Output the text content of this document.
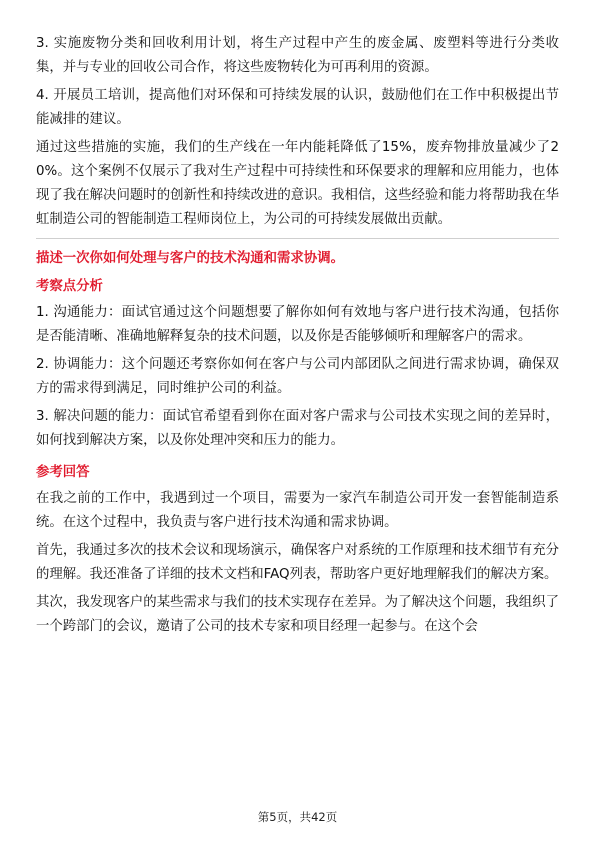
3. 实施废物分类和回收利用计划，将生产过程中产生的废金属、废塑料等进行分类收集，并与专业的回收公司合作，将这些废物转化为可再利用的资源。

4. 开展员工培训，提高他们对环保和可持续发展的认识，鼓励他们在工作中积极提出节能减排的建议。

通过这些措施的实施，我们的生产线在一年内能耗降低了15%，废弃物排放量减少了20%。这个案例不仅展示了我对生产过程中可持续性和环保要求的理解和应用能力，也体现了我在解决问题时的创新性和持续改进的意识。我相信，这些经验和能力将帮助我在华虹制造公司的智能制造工程师岗位上，为公司的可持续发展做出贡献。

描述一次你如何处理与客户的技术沟通和需求协调。

考察点分析

1. 沟通能力：面试官通过这个问题想要了解你如何有效地与客户进行技术沟通，包括你是否能清晰、准确地解释复杂的技术问题，以及你是否能够倾听和理解客户的需求。

2. 协调能力：这个问题还考察你如何在客户与公司内部团队之间进行需求协调，确保双方的需求得到满足，同时维护公司的利益。

3. 解决问题的能力：面试官希望看到你在面对客户需求与公司技术实现之间的差异时，如何找到解决方案，以及你处理冲突和压力的能力。

参考回答

在我之前的工作中，我遇到过一个项目，需要为一家汽车制造公司开发一套智能制造系统。在这个过程中，我负责与客户进行技术沟通和需求协调。

首先，我通过多次的技术会议和现场演示，确保客户对系统的工作原理和技术细节有充分的理解。我还准备了详细的技术文档和FAQ列表，帮助客户更好地理解我们的解决方案。

其次，我发现客户的某些需求与我们的技术实现存在差异。为了解决这个问题，我组织了一个跨部门的会议，邀请了公司的技术专家和项目经理一起参与。在这个会

第5页，共42页
